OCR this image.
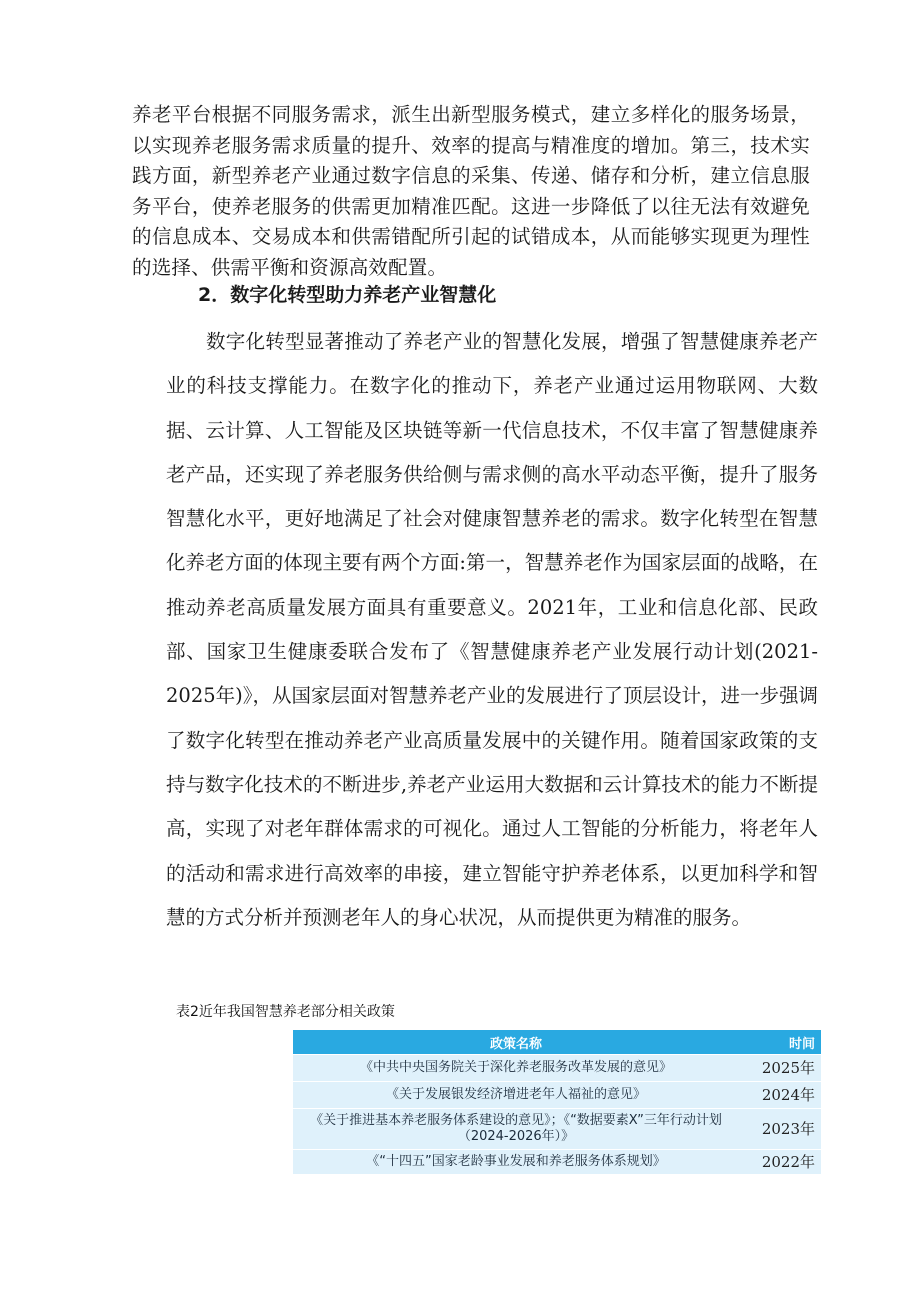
养老平台根据不同服务需求，派生出新型服务模式，建立多样化的服务场景，以实现养老服务需求质量的提升、效率的提高与精准度的增加。第三，技术实践方面，新型养老产业通过数字信息的采集、传递、储存和分析，建立信息服务平台，使养老服务的供需更加精准匹配。这进一步降低了以往无法有效避免的信息成本、交易成本和供需错配所引起的试错成本，从而能够实现更为理性的选择、供需平衡和资源高效配置。

2．数字化转型助力养老产业智慧化

数字化转型显著推动了养老产业的智慧化发展，增强了智慧健康养老产业的科技支撑能力。在数字化的推动下，养老产业通过运用物联网、大数据、云计算、人工智能及区块链等新一代信息技术，不仅丰富了智慧健康养老产品，还实现了养老服务供给侧与需求侧的高水平动态平衡，提升了服务智慧化水平，更好地满足了社会对健康智慧养老的需求。数字化转型在智慧化养老方面的体现主要有两个方面:第一，智慧养老作为国家层面的战略，在推动养老高质量发展方面具有重要意义。2021年，工业和信息化部、民政部、国家卫生健康委联合发布了《智慧健康养老产业发展行动计划(2021-2025年)》，从国家层面对智慧养老产业的发展进行了顶层设计，进一步强调了数字化转型在推动养老产业高质量发展中的关键作用。随着国家政策的支持与数字化技术的不断进步,养老产业运用大数据和云计算技术的能力不断提高，实现了对老年群体需求的可视化。通过人工智能的分析能力，将老年人的活动和需求进行高效率的串接，建立智能守护养老体系，以更加科学和智慧的方式分析并预测老年人的身心状况，从而提供更为精准的服务。

表2近年我国智慧养老部分相关政策

政策名称	时间
《中共中央国务院关于深化养老服务改革发展的意见》	2025年
《关于发展银发经济增进老年人福祉的意见》	2024年
《关于推进基本养老服务体系建设的意见》；《“数据要素X”三年行动计划（2024-2026年）》	2023年
《“十四五”国家老龄事业发展和养老服务体系规划》	2022年
